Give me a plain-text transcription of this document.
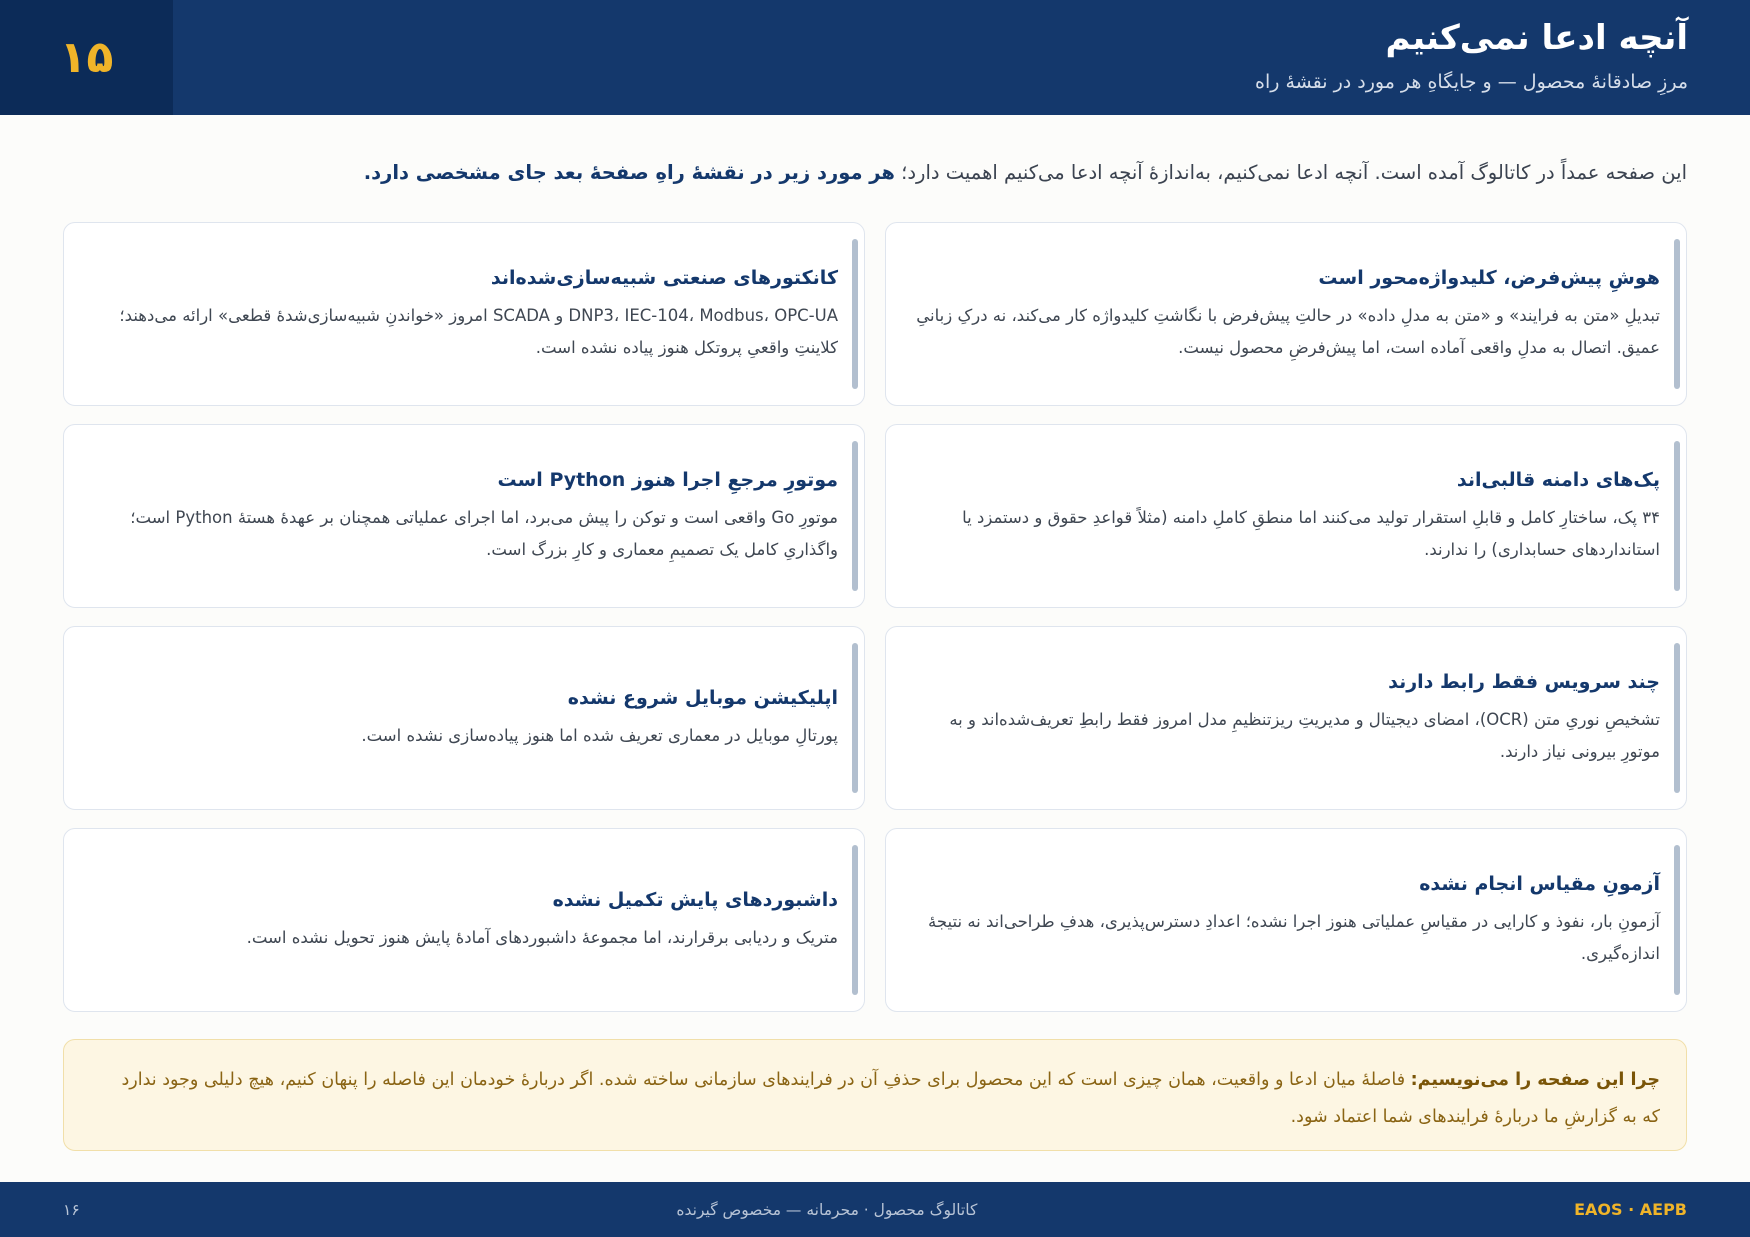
آنچه ادعا نمی‌کنیم
مرزِ صادقانهٔ محصول — و جایگاهِ هر مورد در نقشهٔ راه
۱۵

این صفحه عمداً در کاتالوگ آمده است. آنچه ادعا نمی‌کنیم، به‌اندازهٔ آنچه ادعا می‌کنیم اهمیت دارد؛ هر مورد زیر در نقشهٔ راهِ صفحهٔ بعد جای مشخصی دارد.

هوشِ پیش‌فرض، کلیدواژه‌محور است

تبدیلِ «متن به فرایند» و «متن به مدلِ داده» در حالتِ پیش‌فرض با نگاشتِ کلیدواژه کار می‌کند، نه درکِ زبانیِ عمیق. اتصال به مدلِ واقعی آماده است، اما پیش‌فرضِ محصول نیست.

کانکتورهای صنعتی شبیه‌سازی‌شده‌اند

DNP3، IEC-104، Modbus، OPC-UA و SCADA امروز «خواندنِ شبیه‌سازی‌شدهٔ قطعی» ارائه می‌دهند؛ کلاینتِ واقعیِ پروتکل هنوز پیاده نشده است.

پک‌های دامنه قالبی‌اند

۳۴ پک، ساختارِ کامل و قابلِ استقرار تولید می‌کنند اما منطقِ کاملِ دامنه (مثلاً قواعدِ حقوق و دستمزد یا استانداردهای حسابداری) را ندارند.

موتورِ مرجعِ اجرا هنوز Python است

موتورِ Go واقعی است و توکن را پیش می‌برد، اما اجرای عملیاتی همچنان بر عهدهٔ هستهٔ Python است؛ واگذاریِ کامل یک تصمیمِ معماری و کارِ بزرگ است.

چند سرویس فقط رابط دارند

تشخیصِ نوریِ متن (OCR)، امضای دیجیتال و مدیریتِ ریزتنظیمِ مدل امروز فقط رابطِ تعریف‌شده‌اند و به موتورِ بیرونی نیاز دارند.

اپلیکیشن موبایل شروع نشده

پورتالِ موبایل در معماری تعریف شده اما هنوز پیاده‌سازی نشده است.

آزمونِ مقیاس انجام نشده

آزمونِ بار، نفوذ و کارایی در مقیاسِ عملیاتی هنوز اجرا نشده؛ اعدادِ دسترس‌پذیری، هدفِ طراحی‌اند نه نتیجهٔ اندازه‌گیری.

داشبوردهای پایش تکمیل نشده

متریک و ردیابی برقرارند، اما مجموعهٔ داشبوردهای آمادهٔ پایش هنوز تحویل نشده است.

چرا این صفحه را می‌نویسیم: فاصلهٔ میان ادعا و واقعیت، همان چیزی است که این محصول برای حذفِ آن در فرایندهای سازمانی ساخته شده. اگر دربارهٔ خودمان این فاصله را پنهان کنیم، هیچ دلیلی وجود ندارد که به گزارشِ ما دربارهٔ فرایندهای شما اعتماد شود.
EAOS · AEPB
کاتالوگ محصول · محرمانه — مخصوص گیرنده
۱۶
